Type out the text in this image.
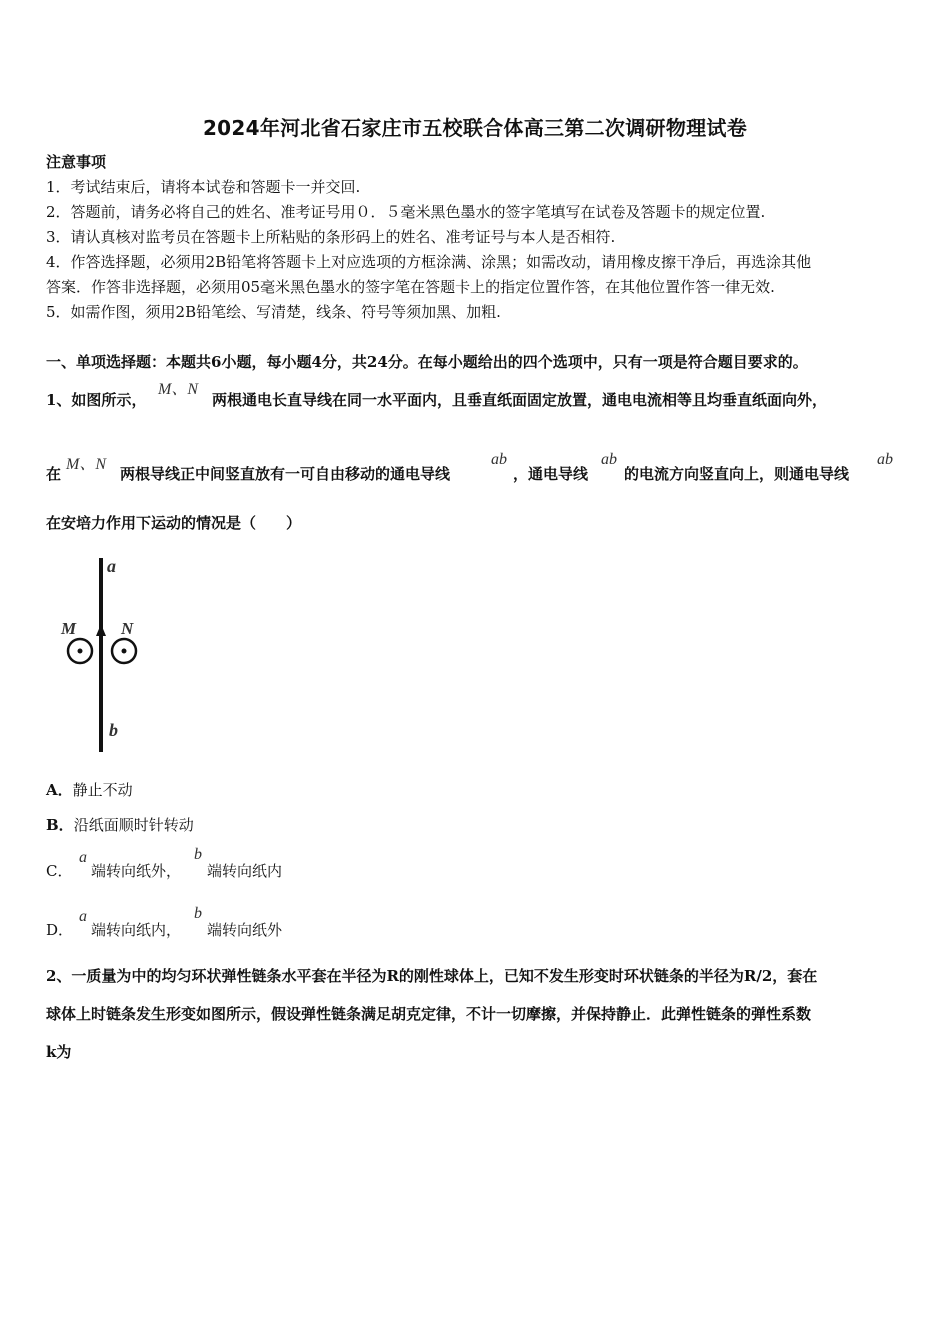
2024年河北省石家庄市五校联合体高三第二次调研物理试卷
注意事项
1．考试结束后，请将本试卷和答题卡一并交回.
2．答题前，请务必将自己的姓名、准考证号用０．５毫米黑色墨水的签字笔填写在试卷及答题卡的规定位置.
3．请认真核对监考员在答题卡上所粘贴的条形码上的姓名、准考证号与本人是否相符.
4．作答选择题，必须用2B铅笔将答题卡上对应选项的方框涂满、涂黑；如需改动，请用橡皮擦干净后，再选涂其他
答案．作答非选择题，必须用05毫米黑色墨水的签字笔在答题卡上的指定位置作答，在其他位置作答一律无效.
5．如需作图，须用2B铅笔绘、写清楚，线条、符号等须加黑、加粗.
一、单项选择题：本题共6小题，每小题4分，共24分。在每小题给出的四个选项中，只有一项是符合题目要求的。
1、如图所示，
M、N
两根通电长直导线在同一水平面内，且垂直纸面固定放置，通电电流相等且均垂直纸面向外，
在
M、N
两根导线正中间竖直放有一可自由移动的通电导线
ab
，通电导线
ab
的电流方向竖直向上，则通电导线
ab
在安培力作用下运动的情况是（　　）
a
b
M	N
A．静止不动
B．沿纸面顺时针转动
C．
a
端转向纸外，
b
端转向纸内
D．
a
端转向纸内，
b
端转向纸外
2、一质量为中的均匀环状弹性链条水平套在半径为R的刚性球体上，已知不发生形变时环状链条的半径为R/2，套在
球体上时链条发生形变如图所示，假设弹性链条满足胡克定律，不计一切摩擦，并保持静止．此弹性链条的弹性系数
k为
